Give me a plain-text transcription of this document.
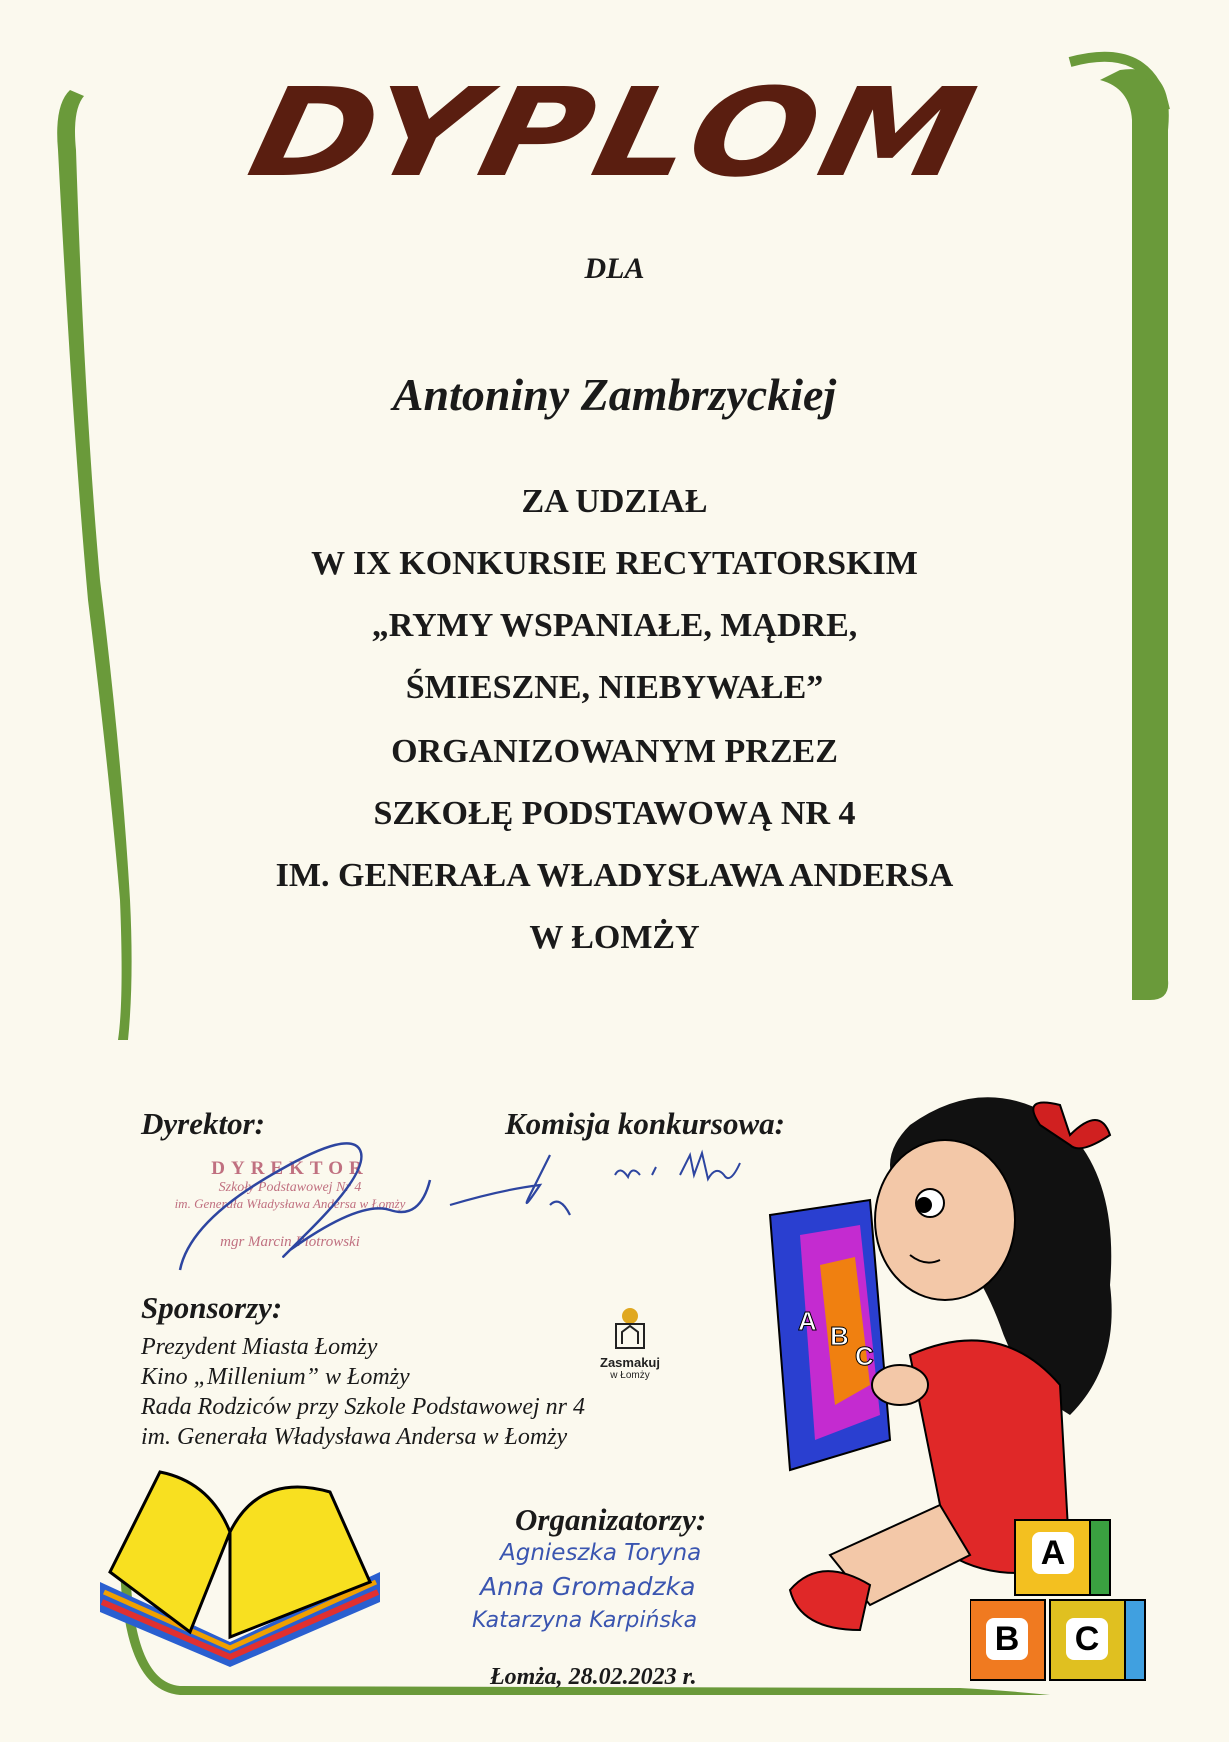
DYPLOM
DLA
Antoniny Zambrzyckiej
ZA UDZIAŁ
W IX KONKURSIE RECYTATORSKIM
„RYMY WSPANIAŁE, MĄDRE,
ŚMIESZNE, NIEBYWAŁE”
ORGANIZOWANYM PRZEZ
SZKOŁĘ PODSTAWOWĄ NR 4
IM. GENERAŁA WŁADYSŁAWA ANDERSA
W ŁOMŻY
Dyrektor:
DYREKTOR
Szkoły Podstawowej Nr 4
im. Generała Władysława Andersa w Łomży
mgr Marcin Piotrowski
Komisja konkursowa:
Sponsorzy:
Prezydent Miasta Łomży
Kino „Millenium” w Łomży
Rada Rodziców przy Szkole Podstawowej nr 4
im. Generała Władysława Andersa w Łomży
Zasmakuj
w Łomży
Organizatorzy:
Agnieszka Toryna
Anna Gromadzka
Katarzyna Karpińska
Łomża, 28.02.2023 r.
A B
C
A
B C
